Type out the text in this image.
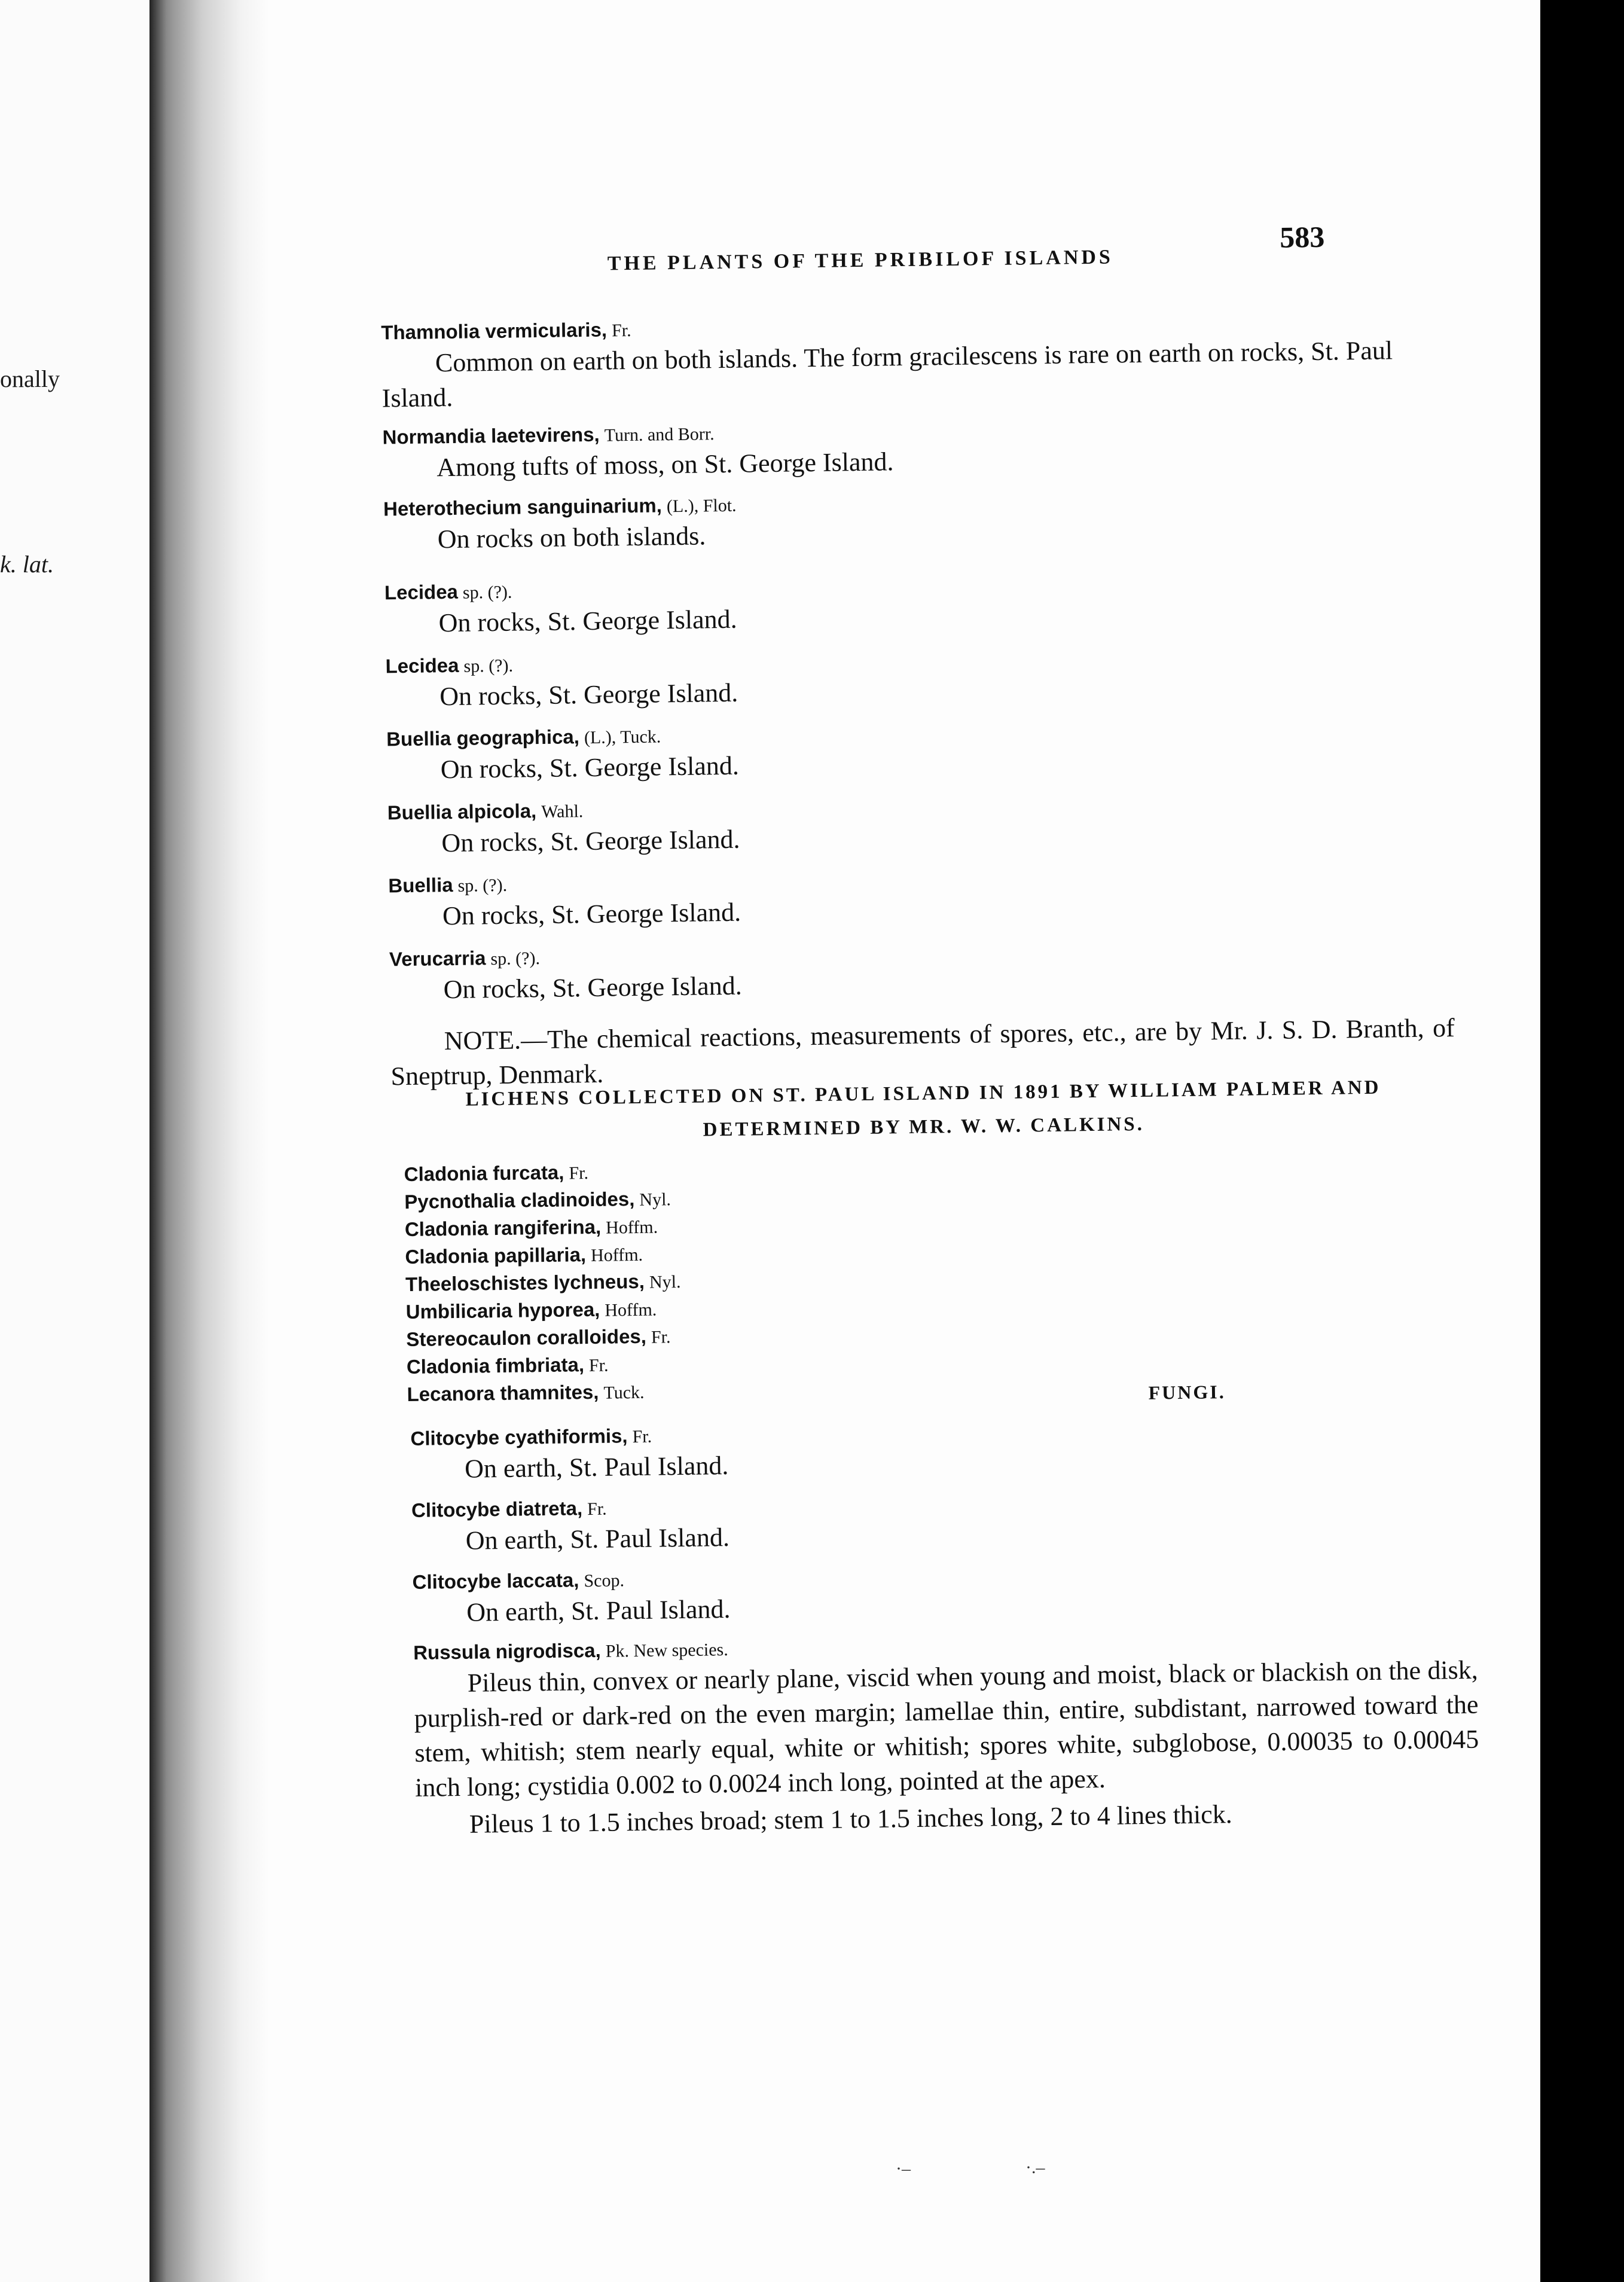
onally
k. lat.
THE PLANTS OF THE PRIBILOF ISLANDS
583
Thamnolia vermicularis, Fr.
Common on earth on both islands. The form gracilescens is rare on earth on rocks, St. Paul Island.
Normandia laetevirens, Turn. and Borr.
Among tufts of moss, on St. George Island.
Heterothecium sanguinarium, (L.), Flot.
On rocks on both islands.
Lecidea sp. (?).
On rocks, St. George Island.
Lecidea sp. (?).
On rocks, St. George Island.
Buellia geographica, (L.), Tuck.
On rocks, St. George Island.
Buellia alpicola, Wahl.
On rocks, St. George Island.
Buellia sp. (?).
On rocks, St. George Island.
Verucarria sp. (?).
On rocks, St. George Island.
NOTE.—The chemical reactions, measurements of spores, etc., are by Mr. J. S. D. Branth, of Sneptrup, Denmark.
LICHENS COLLECTED ON ST. PAUL ISLAND IN 1891 BY WILLIAM PALMER AND
DETERMINED BY MR. W. W. CALKINS.
Cladonia furcata, Fr.
Pycnothalia cladinoides, Nyl.
Cladonia rangiferina, Hoffm.
Cladonia papillaria, Hoffm.
Theeloschistes lychneus, Nyl.
Umbilicaria hyporea, Hoffm.
Stereocaulon coralloides, Fr.
Cladonia fimbriata, Fr.
Lecanora thamnites, Tuck.	FUNGI.
Clitocybe cyathiformis, Fr.
On earth, St. Paul Island.
Clitocybe diatreta, Fr.
On earth, St. Paul Island.
Clitocybe laccata, Scop.
On earth, St. Paul Island.
Russula nigrodisca, Pk. New species.
Pileus thin, convex or nearly plane, viscid when young and moist, black or blackish on the disk, purplish-red or dark-red on the even margin; lamellae thin, entire, subdistant, narrowed toward the stem, whitish; stem nearly equal, white or whitish; spores white, subglobose, 0.00035 to 0.00045 inch long; cystidia 0.002 to 0.0024 inch long, pointed at the apex.
Pileus 1 to 1.5 inches broad; stem 1 to 1.5 inches long, 2 to 4 lines thick.
·‒	·.–
